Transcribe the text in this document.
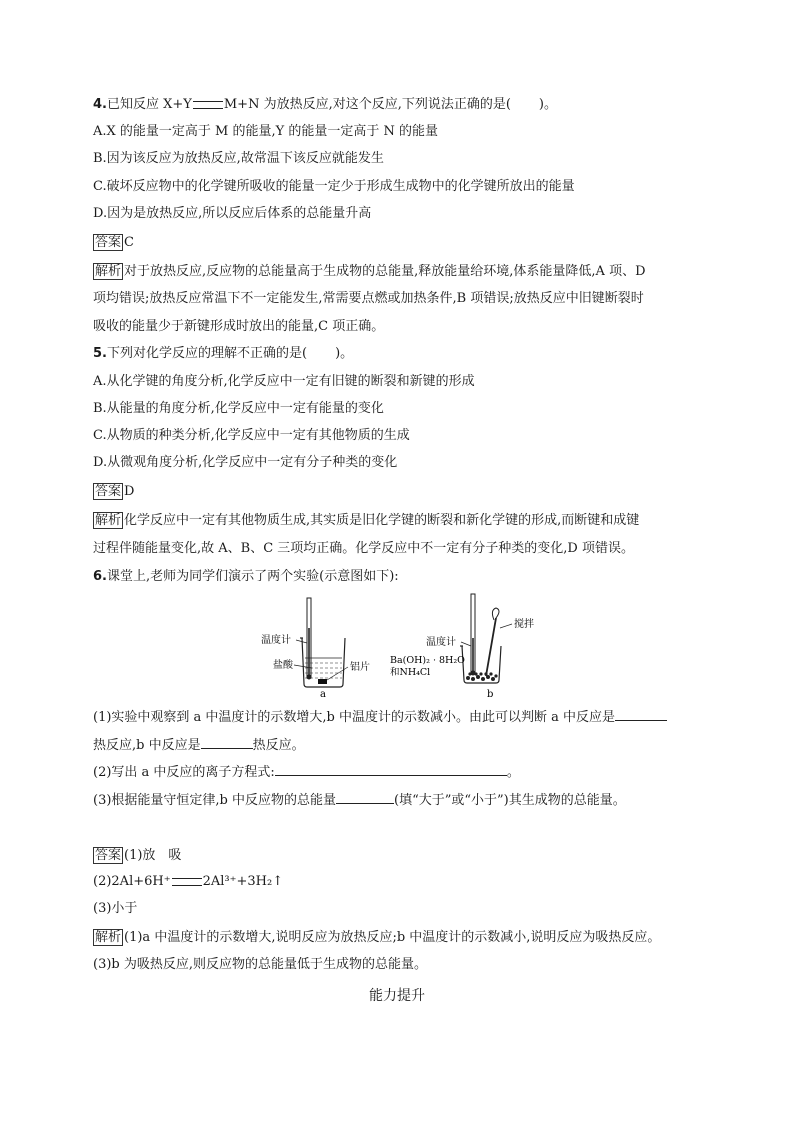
4.已知反应 X+Y M+N 为放热反应,对这个反应,下列说法正确的是( )。
A.X 的能量一定高于 M 的能量,Y 的能量一定高于 N 的能量
B.因为该反应为放热反应,故常温下该反应就能发生
C.破坏反应物中的化学键所吸收的能量一定少于形成生成物中的化学键所放出的能量
D.因为是放热反应,所以反应后体系的总能量升高
答案 C
解析 对于放热反应,反应物的总能量高于生成物的总能量,释放能量给环境,体系能量降低,A 项、D
项均错误;放热反应常温下不一定能发生,常需要点燃或加热条件,B 项错误;放热反应中旧键断裂时
吸收的能量少于新键形成时放出的能量,C 项正确。
5.下列对化学反应的理解不正确的是( )。
A.从化学键的角度分析,化学反应中一定有旧键的断裂和新键的形成
B.从能量的角度分析,化学反应中一定有能量的变化
C.从物质的种类分析,化学反应中一定有其他物质的生成
D.从微观角度分析,化学反应中一定有分子种类的变化
答案 D
解析 化学反应中一定有其他物质生成,其实质是旧化学键的断裂和新化学键的形成,而断键和成键
过程伴随能量变化,故 A、B、C 三项均正确。化学反应中不一定有分子种类的变化,D 项错误。
6.课堂上,老师为同学们演示了两个实验(示意图如下):
温度计
盐酸	铝片
a
搅拌
温度计
Ba(OH)₂ · 8H₂O
和NH₄Cl
b
(1)实验中观察到 a 中温度计的示数增大,b 中温度计的示数减小。由此可以判断 a 中反应是
热反应,b 中反应是	热反应。
(2)写出 a 中反应的离子方程式:	。
(3)根据能量守恒定律,b 中反应物的总能量	(填“大于”或“小于”)其生成物的总能量。
答案 (1)放　吸
(2)2Al+6H⁺ 2Al³⁺+3H₂↑
(3)小于
解析 (1)a 中温度计的示数增大,说明反应为放热反应;b 中温度计的示数减小,说明反应为吸热反应。
(3)b 为吸热反应,则反应物的总能量低于生成物的总能量。
能力提升
